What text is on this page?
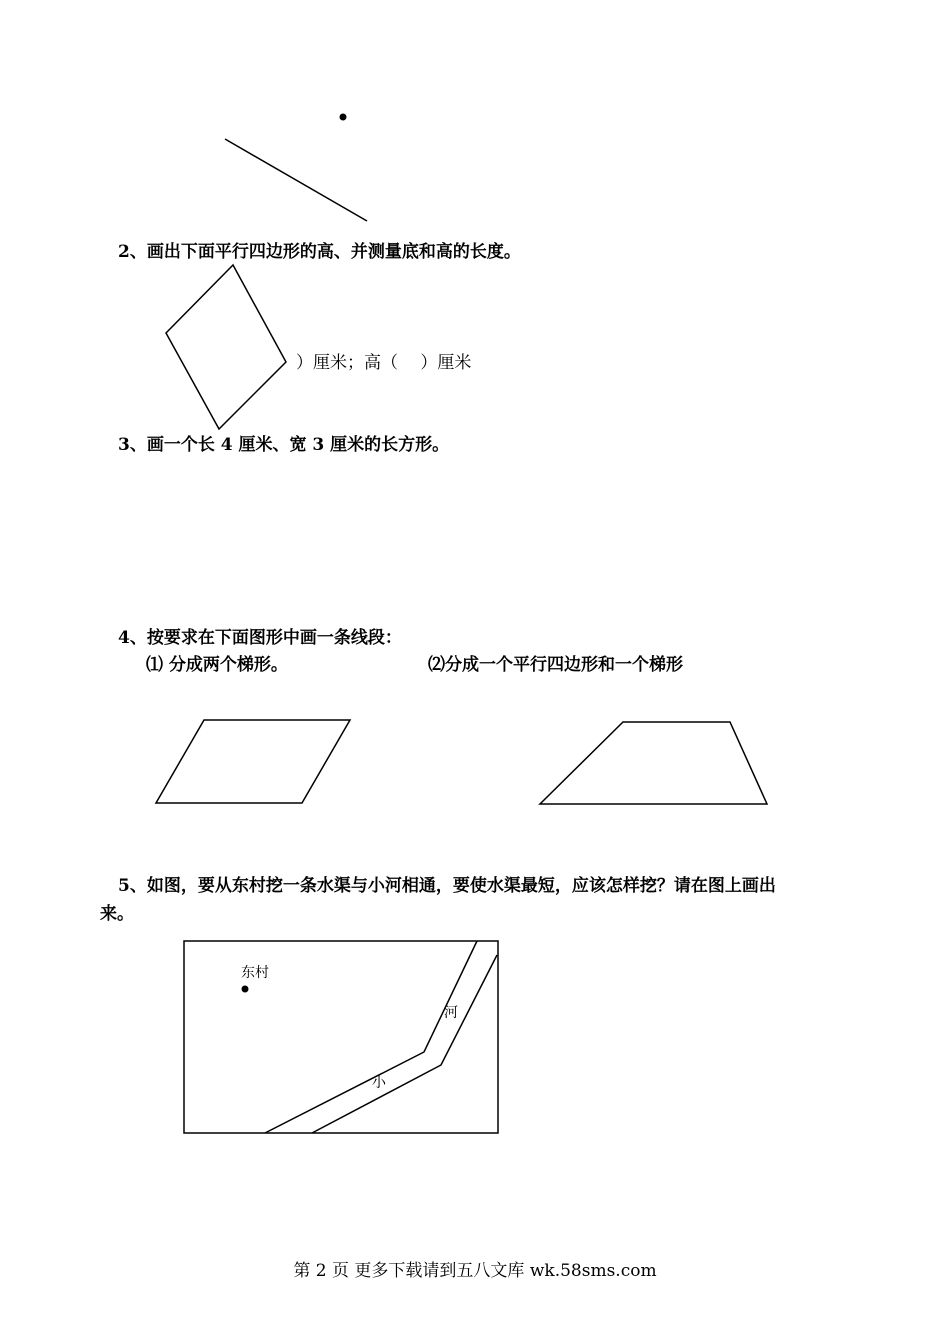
2、画出下面平行四边形的高、并测量底和高的长度。
）厘米；高（　 ）厘米
3、画一个长 4 厘米、宽 3 厘米的长方形。
4、按要求在下面图形中画一条线段：
⑴ 分成两个梯形。	⑵分成一个平行四边形和一个梯形
5、如图，要从东村挖一条水渠与小河相通，要使水渠最短，应该怎样挖？请在图上画出
来。
东村
河
小
第 2 页 更多下载请到五八文库 wk.58sms.com
